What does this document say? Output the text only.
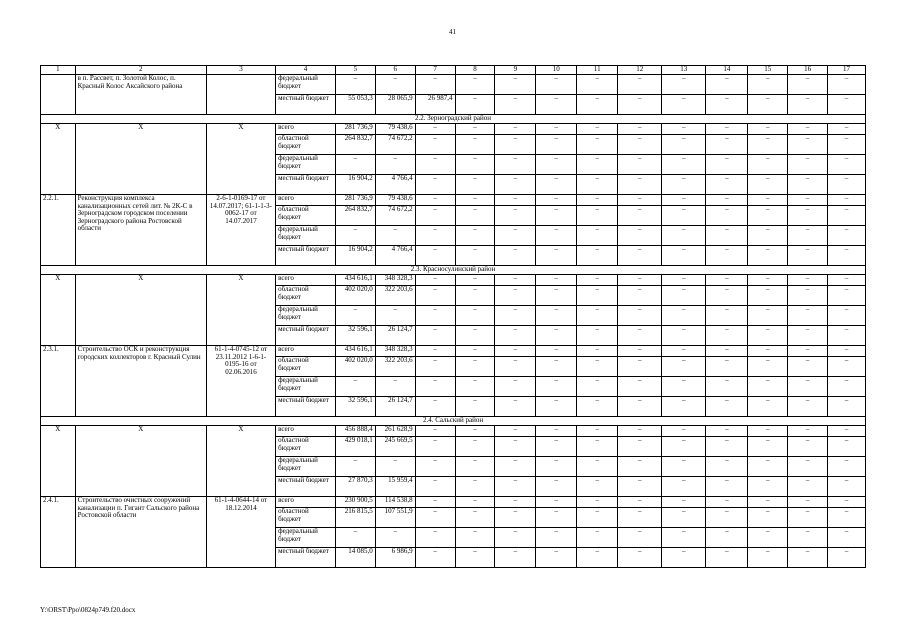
41
1	2	3	4	5	6	7	8	9	10	11	12	13	14	15	16	17
	в п. Рассвет, п. Золотой Колос, п. Красный Колос Аксайского района		федеральный бюджет	–	–	–	–	–	–	–	–	–	–	–	–	–
			местный бюджет	55 053,3	28 065,9	26 987,4	–	–	–	–	–	–	–	–	–	–
2.2. Зерноградский район																
X	X	X	всего	281 736,9	79 438,6	–	–	–	–	–	–	–	–	–	–	–
			областной бюджет	264 832,7	74 672,2	–	–	–	–	–	–	–	–	–	–	–
			федеральный бюджет	–	–	–	–	–	–	–	–	–	–	–	–	–
			местный бюджет	16 904,2	4 766,4	–	–	–	–	–	–	–	–	–	–	–
2.2.1.	Реконструкция комплекса канализационных сетей лит. № 2К-С в Зерноградском городском поселении Зерноградского района Ростовской области	2-6-1-0169-17 от 14.07.2017; 61-1-1-3-0062-17 от 14.07.2017	всего	281 736,9	79 438,6	–	–	–	–	–	–	–	–	–	–	–
			областной бюджет	264 832,7	74 672,2	–	–	–	–	–	–	–	–	–	–	–
			федеральный бюджет	–	–	–	–	–	–	–	–	–	–	–	–	–
			местный бюджет	16 904,2	4 766,4	–	–	–	–	–	–	–	–	–	–	–
2.3. Красносулинский район																
X	X	X	всего	434 616,1	348 328,3	–	–	–	–	–	–	–	–	–	–	–
			областной бюджет	402 020,0	322 203,6	–	–	–	–	–	–	–	–	–	–	–
			федеральный бюджет	–	–	–	–	–	–	–	–	–	–	–	–	–
			местный бюджет	32 596,1	26 124,7	–	–	–	–	–	–	–	–	–	–	–
2.3.1.	Строительство ОСК и реконструкция городских коллекторов г. Красный Сулин	61-1-4-0745-12 от 23.11.2012 1-6-1-0195-16 от 02.06.2016	всего	434 616,1	348 328,3	–	–	–	–	–	–	–	–	–	–	–
			областной бюджет	402 020,0	322 203,6	–	–	–	–	–	–	–	–	–	–	–
			федеральный бюджет	–	–	–	–	–	–	–	–	–	–	–	–	–
			местный бюджет	32 596,1	26 124,7	–	–	–	–	–	–	–	–	–	–	–
2.4. Сальский район																
X	X	X	всего	456 888,4	261 628,9	–	–	–	–	–	–	–	–	–	–	–
			областной бюджет	429 018,1	245 669,5	–	–	–	–	–	–	–	–	–	–	–
			федеральный бюджет	–	–	–	–	–	–	–	–	–	–	–	–	–
			местный бюджет	27 870,3	15 959,4	–	–	–	–	–	–	–	–	–	–	–
2.4.1.	Строительство очистных сооружений канализации п. Гигант Сальского района Ростовской области	61-1-4-0644-14 от 18.12.2014	всего	230 900,5	114 538,8	–	–	–	–	–	–	–	–	–	–	–
			областной бюджет	216 815,5	107 551,9	–	–	–	–	–	–	–	–	–	–	–
			федеральный бюджет	–	–	–	–	–	–	–	–	–	–	–	–	–
			местный бюджет	14 085,0	6 986,9	–	–	–	–	–	–	–	–	–	–	–
Y:\ORST\Ppo\0824p749.f20.docx
